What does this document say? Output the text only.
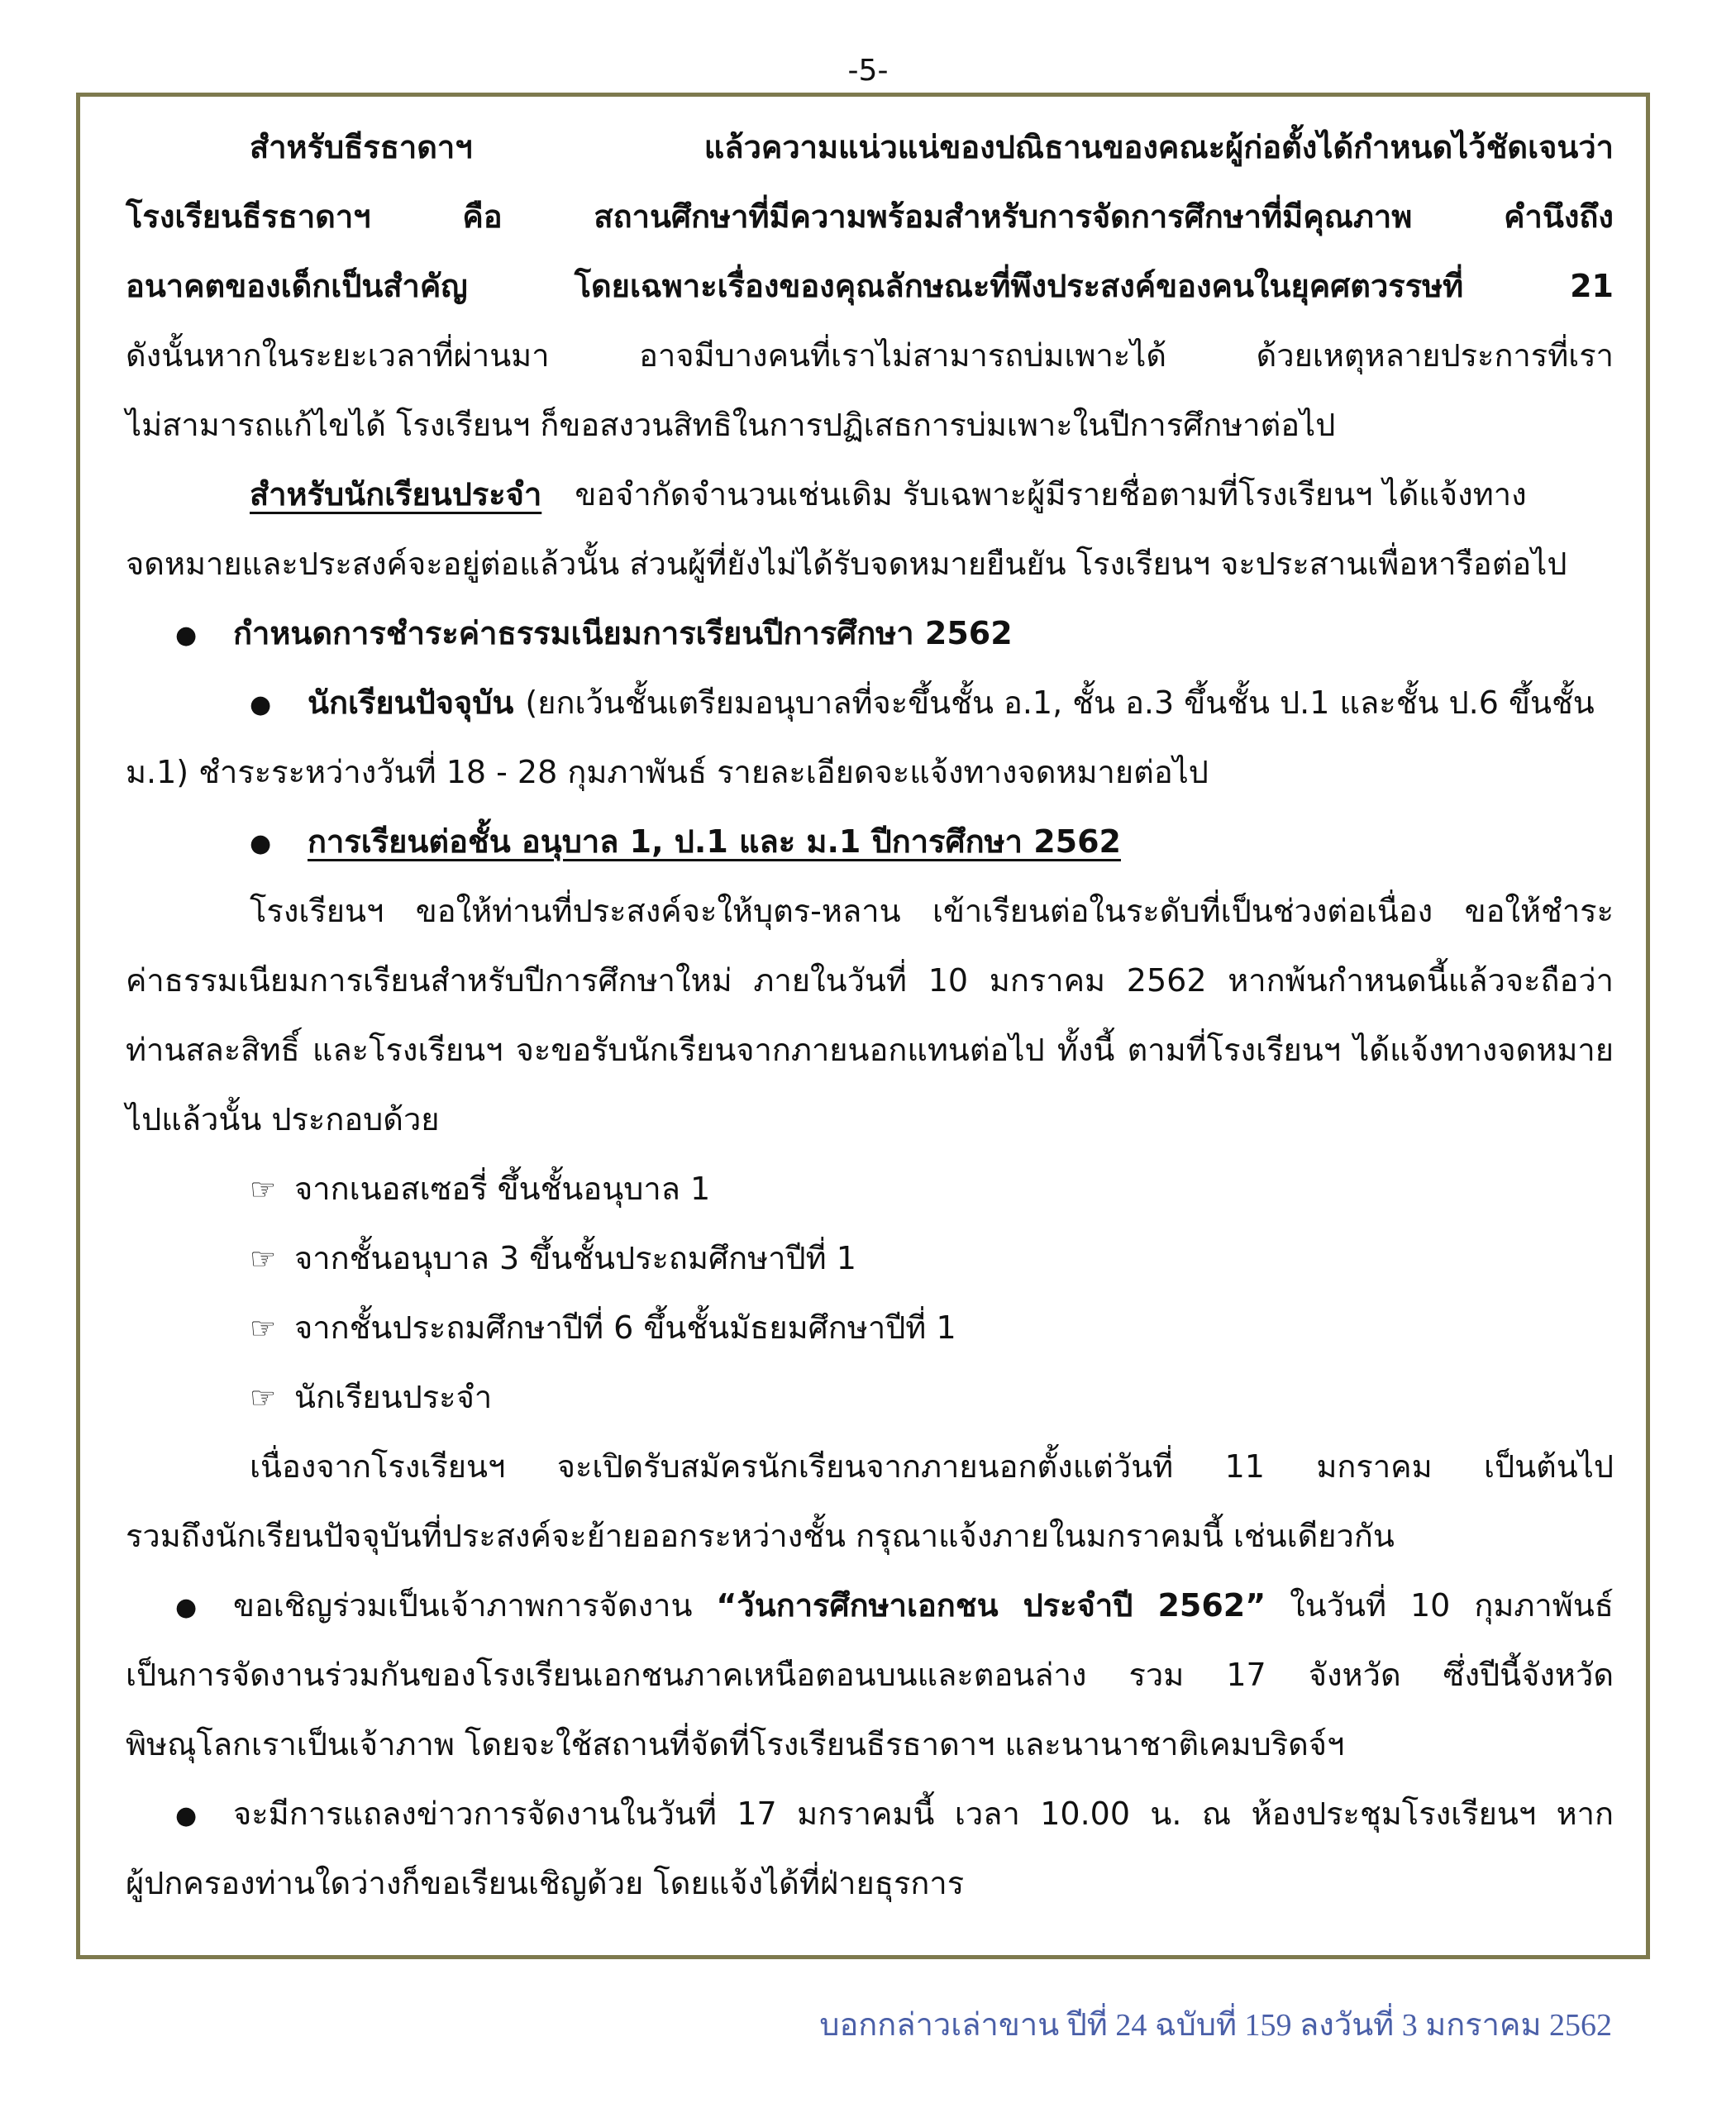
-5-
สำหรับธีรธาดาฯ แล้วความแน่วแน่ของปณิธานของคณะผู้ก่อตั้งได้กำหนดไว้ชัดเจนว่า
โรงเรียนธีรธาดาฯ คือ สถานศึกษาที่มีความพร้อมสำหรับการจัดการศึกษาที่มีคุณภาพ คำนึงถึง
อนาคตของเด็กเป็นสำคัญ โดยเฉพาะเรื่องของคุณลักษณะที่พึงประสงค์ของคนในยุคศตวรรษที่ 21
ดังนั้นหากในระยะเวลาที่ผ่านมา อาจมีบางคนที่เราไม่สามารถบ่มเพาะได้ ด้วยเหตุหลายประการที่เรา
ไม่สามารถแก้ไขได้ โรงเรียนฯ ก็ขอสงวนสิทธิในการปฏิเสธการบ่มเพาะในปีการศึกษาต่อไป
สำหรับนักเรียนประจำ ขอจำกัดจำนวนเช่นเดิม รับเฉพาะผู้มีรายชื่อตามที่โรงเรียนฯ ได้แจ้งทาง
จดหมายและประสงค์จะอยู่ต่อแล้วนั้น ส่วนผู้ที่ยังไม่ได้รับจดหมายยืนยัน โรงเรียนฯ จะประสานเพื่อหารือต่อไป
● กำหนดการชำระค่าธรรมเนียมการเรียนปีการศึกษา 2562
● นักเรียนปัจจุบัน (ยกเว้นชั้นเตรียมอนุบาลที่จะขึ้นชั้น อ.1, ชั้น อ.3 ขึ้นชั้น ป.1 และชั้น ป.6 ขึ้นชั้น
ม.1) ชำระระหว่างวันที่ 18 - 28 กุมภาพันธ์ รายละเอียดจะแจ้งทางจดหมายต่อไป
● การเรียนต่อชั้น อนุบาล 1, ป.1 และ ม.1 ปีการศึกษา 2562
โรงเรียนฯ ขอให้ท่านที่ประสงค์จะให้บุตร-หลาน เข้าเรียนต่อในระดับที่เป็นช่วงต่อเนื่อง ขอให้ชำระ
ค่าธรรมเนียมการเรียนสำหรับปีการศึกษาใหม่ ภายในวันที่ 10 มกราคม 2562 หากพ้นกำหนดนี้แล้วจะถือว่า
ท่านสละสิทธิ์ และโรงเรียนฯ จะขอรับนักเรียนจากภายนอกแทนต่อไป ทั้งนี้ ตามที่โรงเรียนฯ ได้แจ้งทางจดหมาย
ไปแล้วนั้น ประกอบด้วย
☞ จากเนอสเซอรี่ ขึ้นชั้นอนุบาล 1
☞ จากชั้นอนุบาล 3 ขึ้นชั้นประถมศึกษาปีที่ 1
☞ จากชั้นประถมศึกษาปีที่ 6 ขึ้นชั้นมัธยมศึกษาปีที่ 1
☞ นักเรียนประจำ
เนื่องจากโรงเรียนฯ จะเปิดรับสมัครนักเรียนจากภายนอกตั้งแต่วันที่ 11 มกราคม เป็นต้นไป
รวมถึงนักเรียนปัจจุบันที่ประสงค์จะย้ายออกระหว่างชั้น กรุณาแจ้งภายในมกราคมนี้ เช่นเดียวกัน
● ขอเชิญร่วมเป็นเจ้าภาพการจัดงาน “วันการศึกษาเอกชน ประจำปี 2562” ในวันที่ 10 กุมภาพันธ์
เป็นการจัดงานร่วมกันของโรงเรียนเอกชนภาคเหนือตอนบนและตอนล่าง รวม 17 จังหวัด ซึ่งปีนี้จังหวัด
พิษณุโลกเราเป็นเจ้าภาพ โดยจะใช้สถานที่จัดที่โรงเรียนธีรธาดาฯ และนานาชาติเคมบริดจ์ฯ
● จะมีการแถลงข่าวการจัดงานในวันที่ 17 มกราคมนี้ เวลา 10.00 น. ณ ห้องประชุมโรงเรียนฯ หาก
ผู้ปกครองท่านใดว่างก็ขอเรียนเชิญด้วย โดยแจ้งได้ที่ฝ่ายธุรการ
บอกกล่าวเล่าขาน ปีที่ 24 ฉบับที่ 159 ลงวันที่ 3 มกราคม 2562
